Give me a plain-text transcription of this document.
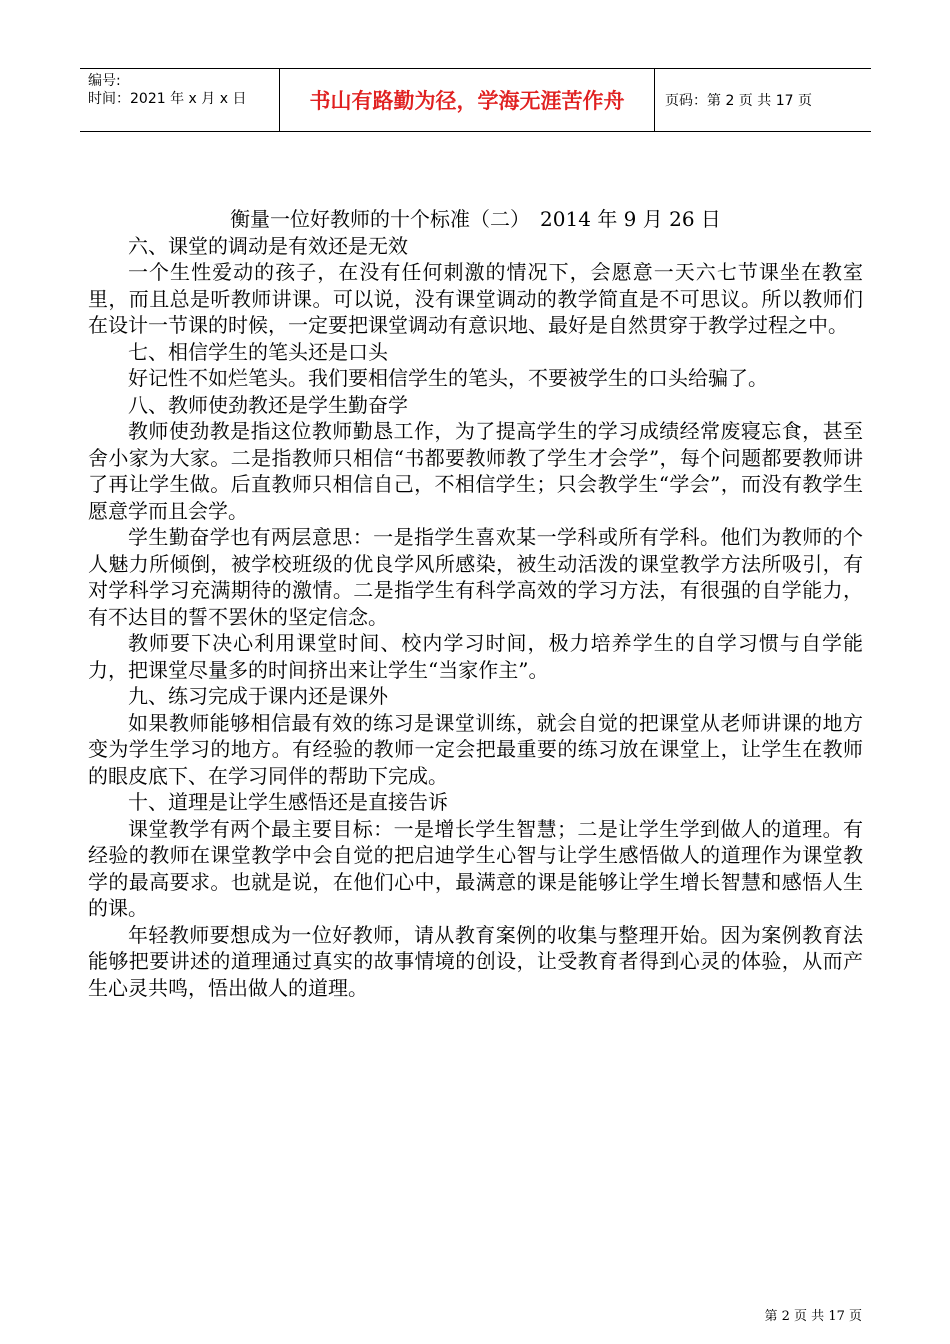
编号:
时间：2021 年 x 月 x 日	书山有路勤为径，学海无涯苦作舟	页码：第 2 页 共 17 页
衡量一位好教师的十个标准（二）　2014 年 9 月 26 日

六、课堂的调动是有效还是无效

一个生性爱动的孩子，在没有任何刺激的情况下，会愿意一天六七节课坐在教室里，而且总是听教师讲课。可以说，没有课堂调动的教学简直是不可思议。所以教师们在设计一节课的时候，一定要把课堂调动有意识地、最好是自然贯穿于教学过程之中。

七、相信学生的笔头还是口头

好记性不如烂笔头。我们要相信学生的笔头，不要被学生的口头给骗了。

八、教师使劲教还是学生勤奋学

教师使劲教是指这位教师勤恳工作，为了提高学生的学习成绩经常废寝忘食，甚至舍小家为大家。二是指教师只相信“书都要教师教了学生才会学”，每个问题都要教师讲了再让学生做。后直教师只相信自己，不相信学生；只会教学生“学会”，而没有教学生愿意学而且会学。

学生勤奋学也有两层意思：一是指学生喜欢某一学科或所有学科。他们为教师的个人魅力所倾倒，被学校班级的优良学风所感染，被生动活泼的课堂教学方法所吸引，有对学科学习充满期待的激情。二是指学生有科学高效的学习方法，有很强的自学能力，有不达目的誓不罢休的坚定信念。

教师要下决心利用课堂时间、校内学习时间，极力培养学生的自学习惯与自学能力，把课堂尽量多的时间挤出来让学生“当家作主”。

九、练习完成于课内还是课外

如果教师能够相信最有效的练习是课堂训练，就会自觉的把课堂从老师讲课的地方变为学生学习的地方。有经验的教师一定会把最重要的练习放在课堂上，让学生在教师的眼皮底下、在学习同伴的帮助下完成。

十、道理是让学生感悟还是直接告诉

课堂教学有两个最主要目标：一是增长学生智慧；二是让学生学到做人的道理。有经验的教师在课堂教学中会自觉的把启迪学生心智与让学生感悟做人的道理作为课堂教学的最高要求。也就是说，在他们心中，最满意的课是能够让学生增长智慧和感悟人生的课。

年轻教师要想成为一位好教师，请从教育案例的收集与整理开始。因为案例教育法能够把要讲述的道理通过真实的故事情境的创设，让受教育者得到心灵的体验，从而产生心灵共鸣，悟出做人的道理。

第 2 页 共 17 页
